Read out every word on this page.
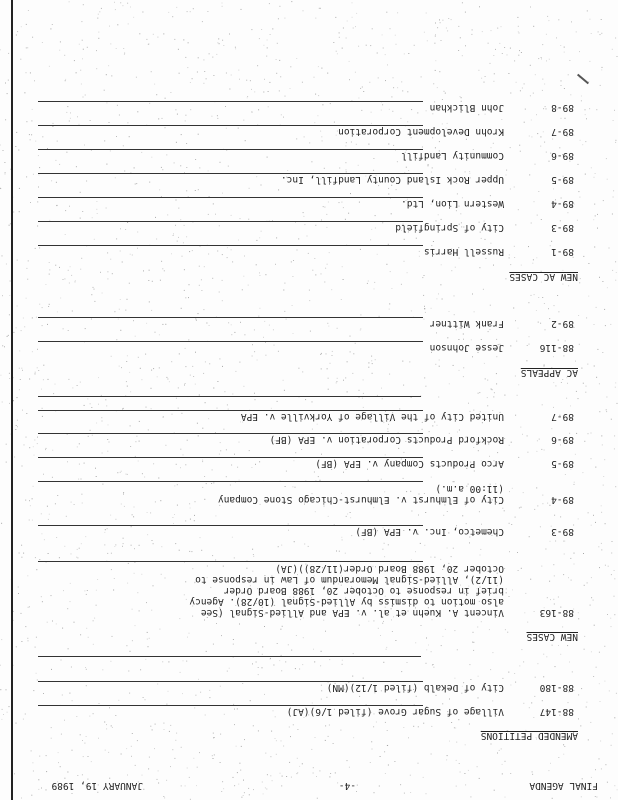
FINAL AGENDA
-4-
JANUARY 19, 1989
AMENDED PETITIONS
88-147
Village of Sugar Grove (filed 1/6)(AJ)
88-180
City of Dekalb (filed 1/12)(MN)
NEW CASES
88-163
Vincent A. Kuehn et al. v. EPA and Allied-Signal (See
also motion to dismiss by Allied-Signal (10/28). Agency
brief in response to October 20, 1988 Board Order
(11/2), Allied-Signal Memorandum of Law in response to
October 20, 1988 Board Order(11/28))(JA)
89-3
Chemetco, Inc. v. EPA (BF)
89-4
City of Elmhurst v. Elmhurst-Chicago Stone Company
(11:00 a.m.)
89-5
Arco Products Company v. EPA (BF)
89-6
Rockford Products Corporation v. EPA (BF)
89-7
United City of the Village of Yorkville v. EPA
AC APPEALS
88-116
Jesse Johnson
89-2
Frank Wittner
NEW AC CASES
89-1
Russell Harris
89-3
City of Springfield
89-4
Western Lion, Ltd.
89-5
Upper Rock Island County Landfill, Inc.
89-6
Community Landfill
89-7
Krohn Development Corporation
89-8
John Blickhan
